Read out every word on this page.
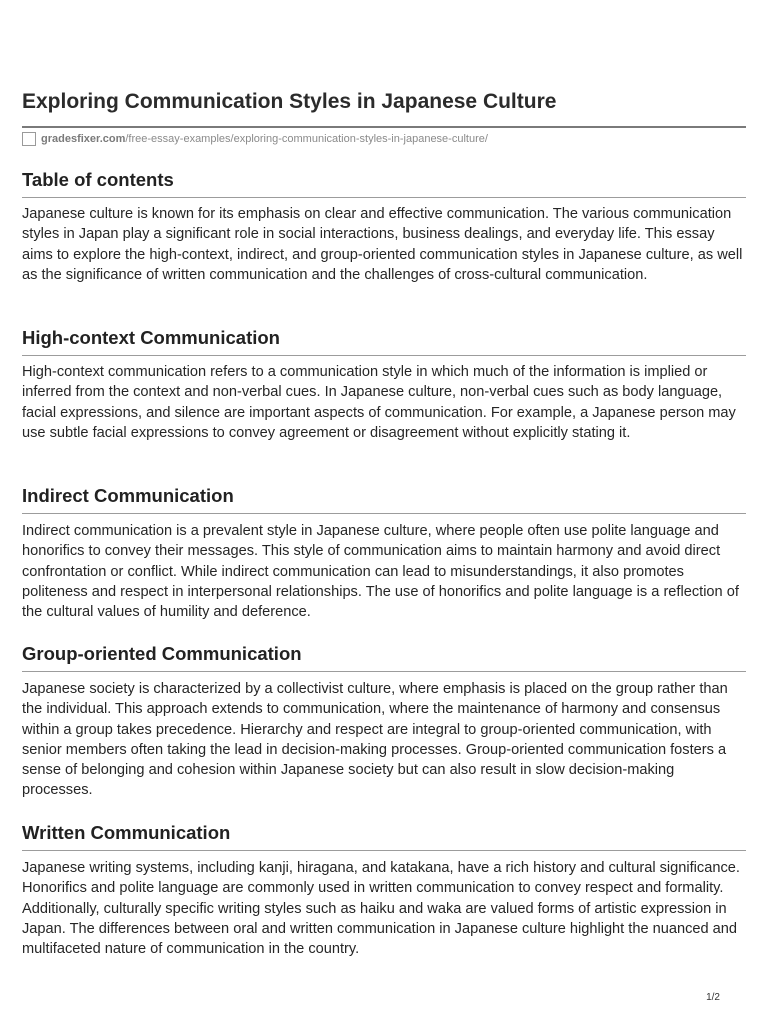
Exploring Communication Styles in Japanese Culture
gradesfixer.com/free-essay-examples/exploring-communication-styles-in-japanese-culture/
Table of contents

Japanese culture is known for its emphasis on clear and effective communication. The various communication styles in Japan play a significant role in social interactions, business dealings, and everyday life. This essay aims to explore the high-context, indirect, and group-oriented communication styles in Japanese culture, as well as the significance of written communication and the challenges of cross-cultural communication.

High-context Communication

High-context communication refers to a communication style in which much of the information is implied or inferred from the context and non-verbal cues. In Japanese culture, non-verbal cues such as body language, facial expressions, and silence are important aspects of communication. For example, a Japanese person may use subtle facial expressions to convey agreement or disagreement without explicitly stating it.

Indirect Communication

Indirect communication is a prevalent style in Japanese culture, where people often use polite language and honorifics to convey their messages. This style of communication aims to maintain harmony and avoid direct confrontation or conflict. While indirect communication can lead to misunderstandings, it also promotes politeness and respect in interpersonal relationships. The use of honorifics and polite language is a reflection of the cultural values of humility and deference.

Group-oriented Communication

Japanese society is characterized by a collectivist culture, where emphasis is placed on the group rather than the individual. This approach extends to communication, where the maintenance of harmony and consensus within a group takes precedence. Hierarchy and respect are integral to group-oriented communication, with senior members often taking the lead in decision-making processes. Group-oriented communication fosters a sense of belonging and cohesion within Japanese society but can also result in slow decision-making processes.

Written Communication

Japanese writing systems, including kanji, hiragana, and katakana, have a rich history and cultural significance. Honorifics and polite language are commonly used in written communication to convey respect and formality. Additionally, culturally specific writing styles such as haiku and waka are valued forms of artistic expression in Japan. The differences between oral and written communication in Japanese culture highlight the nuanced and multifaceted nature of communication in the country.

1/2
